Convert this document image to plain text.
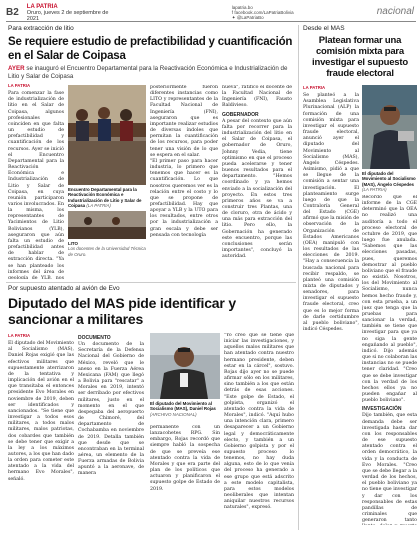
B2
LA PATRIA
Oruro, jueves 2 de septiembre de 2021
lapatria.bo
f facebook.com/LaPatriaBolivia
✦ @LaPatriaBo
nacional
Para extracción de litio
Se requiere estudio de prefactibilidad y cuantificación en el Salar de Coipasa

AYER se inauguró el Encuentro Departamental para la Reactivación Económica e Industrialización de Litio y Salar de Coipasa

LA PATRIA
Para comenzar la fase de industrialización de litio en el Salar de Coipasa, algunos profesionales coinciden en que falta un estudio de prefactibilidad y cuantificación de los recursos. Ayer se inició el Encuentro Departamental para la Reactivación Económica e Industrialización de Litio y Salar de Coipasa, en cuya reunión participaron varios involucrados. En la misma, los representantes de Yacimientos de Litio Bolivianos (YLB), aseguraron que aún falta un estudio de prefactibilidad antes de hablar de extracción directa. "Ya se han planteado los informes del área de geología de YLB, nos
Encuentro Departamental para la Reactivación Económica e Industrialización de Litio y Salar de Coipasa (LA PATRIA)
LITO
Los docentes de la Universidad Técnica de Oruro.
posteriormente fueron diferentes instancias como LITO y representantes de la Facultad Nacional de Ingeniería (FNI), aseguraron que es importante realizar estudios de diversas índoles que permitan la cuantificación de los recursos, para poder tener una visión de lo que se espera en el salar.
"El primer paso para hacer industria, lo primero que tenemos que hacer es la cuantificación. Lo que nosotros queremos ver es la relación entre el costo y lo que se propone de prefactibilidad. Hay que apoyar a YLB y la UTO para los resultados, entre otros por la industrialización a gran escala y debe ser pensada con tecnología
nueva", ratificó el docente de la Facultad Nacional de Ingeniería (FNI), Fausto Baldivieso.
GOBERNADOR
A pesar del contexto que aún falta por recorrer para la industrialización del litio en el Salar de Coipasa, el gobernador de Oruro, Johnny Vedia, tiene optimismo en que el proceso pueda acelerarse y tener buenos resultados para el departamento. "Hemos coordinado y ya hemos enviado a la socialización del proyecto. En estos tres primeros años se va a construir tres Plantas, una de cloruro, otra de ácido y una más para extracción del litio. Pero ello, la Gobernación ha generado este encuentro, porque las conclusiones serán importantes", concluyó la autoridad.
Desde el MAS
Platean formar una comisión mixta para investigar el supuesto fraude electoral
LA PATRIA
Se planteó a la Asamblea Legislativa Plurinacional (ALP) la formación de una comisión mixta para investigar el supuesto fraude electoral, anunció ayer el diputado del Movimiento al Socialismo (MAS), Ángelo Céspedes. Asimismo, pidió a que se llegue de la comisión a sentar una investigación. El planteamiento surge luego de que la Contraloría General del Estado (CGE) afirmó que la misión de observación de la Organización de Estados Americanos (OEA) manipuló con los resultados de las elecciones de 2019. "Hay a consecuencia la buscada nacional para recibir respaldo, se planteó una comisión mixta de diputados y senadores, para investigar el supuesto fraude electoral, creo que es lo mejor forma de darle certidumbre al pueblo boliviano", indicó Céspedes.
El diputado del Movimiento al Socialismo (MAS), Ángelo Céspedes (LA PATRIA)
Recordó que el informe de la CGE determinó que la OEA no realizó una auditoría a todo el proceso electoral de octubre de 2019, que luego fue anulada. "Sabemos que las elecciones pasadas, pues, queremos demostrar al pueblo boliviano que el fraude no existió. Nosotros, los del Movimiento al Socialismo, nunca hemos hecho fraude y, con esta prueba, a un juez que tenga que la pruebas para sancionar la verdad, también se tiene que investigar para que ya no siga la gente engañando al pueblo", indicó. Dijo además que si no colaboran las instancias no se puede tener claridad. "Creo que se debe investigar con la verdad de los hechos ellos ya no pueden engañar al pueblo boliviano".
INVESTIGACIÓN
Dijo también, que esta demanda debe ser investigada hasta dar con los responsables de ese supuesto atentado contra el orden democrático, la vida y la conducta de Evo Morales. "Creo que se debe llegar a la verdad de los hechos, el pueblo boliviano ya no tiene que investigar y dar con los responsables de estas pandillas de criminales que generaron tanto
Por supuesto atentado al avión de Evo
Diputado del MAS pide identificar y sancionar a militares
LA PATRIA
El diputado del Movimiento al Socialismo (MAS), Daniel Rojas exigió que las efectivos militares que supuestamente aterrizaron de la tentativa y implicación del avión en el que transitaba el entonces presidente Evo Morales en noviembre de 2019, deben ser identificados y sancionados. "Se tiene que investigar a todos esos militares, a todos malos militares, malos patriotas, dos cobardes que también se debe tener que exigir a la ley a los máximos autores, a los que han dado la orden para cometer este atentado a la vida del hermano Evo Morales", señaló.
DOCUMENTO
Un documento de la Secretaría de la Defensa Nacional del Gobierno de México, reveló que le anexo en la Fuerza Aérea Mexicana (FAM) que llegó a Bolivia para "rescatar" a Morales en 2019, intentó ser derribado por efectivos militares, justo en el momento en el que despegaba del aeropuerto de Chimoré, del departamento de Cochabamba en noviembre de 2019. Detalla también que desde que se encontraban en la terminal aérea, un elemento de la Fuerza armadas de Bolivia apuntó a la aeronave, de manera
El diputado del Movimiento al Socialismo (MAS), Daniel Rojas (ARCHIVO NACIONAL)
permanente con un lanzacohetes RPG. Sin embargo, Rojas recordó que siempre habló la sospecha de que se preveía ese atentado contra la vida de Morales y que era parte del plan de los políticos que actuaron y planificaron el supuesto golpe de Estado de 2019.
"Yo creo que se tiene que iniciar las investigaciones, y aquellos malos militares que han atentado contra nuestro hermano presidente, deben estar en la cárcel", sostuvo. Rojas dijo ayer no se puede afirmar sólo en los militares, sino también a los que están detrás de esas acciones. "Este golpe de Estado, el golpista, organizó el atentado contra la vida de Morales", indicó. "Aquí hubo una intención clara, primero desaparecer a un Gobierno legal y democráticamente electo, y también a un Gobierno golpista y por el supuesto proceso lo tenemos, no hay duda alguna, esto de lo que venía del proceso ha generado a ese grupo que está adscrito a este modelo capitalista, para estos modelos neoliberales que intentan aniquilar nuestros recursos naturales", expresó.
